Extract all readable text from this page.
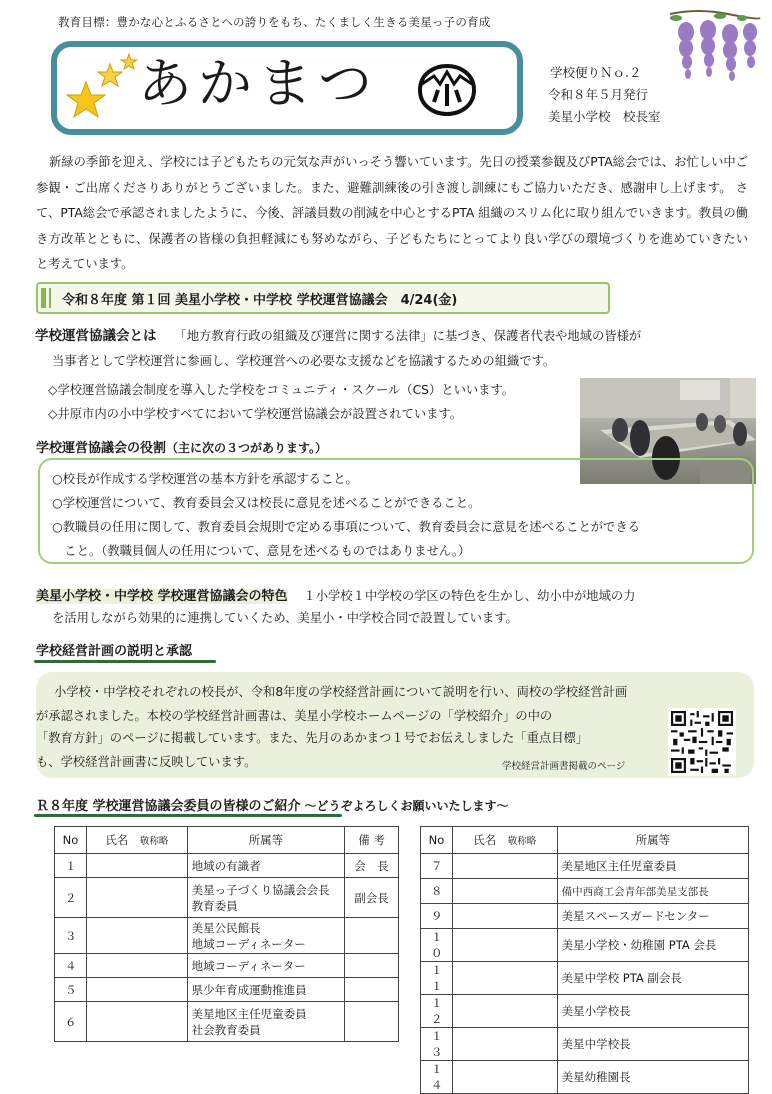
教育目標：豊かな心とふるさとへの誇りをもち、たくましく生きる美星っ子の育成
あかまつ	学校便りＮｏ.２
令和８年５月発行
美星小学校　校長室
新緑の季節を迎え、学校には子どもたちの元気な声がいっそう響いています。先日の授業参観及びPTA総会では、お忙しい中ご参観・ご出席くださりありがとうございました。また、避難訓練後の引き渡し訓練にもご協力いただき、感謝申し上げます。 さて、PTA総会で承認されましたように、今後、評議員数の削減を中心とするPTA 組織のスリム化に取り組んでいきます。教員の働き方改革とともに、保護者の皆様の負担軽減にも努めながら、子どもたちにとってより良い学びの環境づくりを進めていきたいと考えています。
令和８年度 第１回 美星小学校・中学校 学校運営協議会　4/24(金)
学校運営協議会とは 「地方教育行政の組織及び運営に関する法律」に基づき、保護者代表や地域の皆様が
当事者として学校運営に参画し、学校運営への必要な支援などを協議するための組織です。
◇学校運営協議会制度を導入した学校をコミュニティ・スクール（CS）といいます。
◇井原市内の小中学校すべてにおいて学校運営協議会が設置されています。
学校運営協議会の役割（主に次の３つがあります。）
○校長が作成する学校運営の基本方針を承認すること。
○学校運営について、教育委員会又は校長に意見を述べることができること。
○教職員の任用に関して、教育委員会規則で定める事項について、教育委員会に意見を述べることができる
　こと。（教職員個人の任用について、意見を述べるものではありません。）
美星小学校・中学校 学校運営協議会の特色 １小学校１中学校の学区の特色を生かし、幼小中が地域の力
を活用しながら効果的に連携していくため、美星小・中学校合同で設置しています。
学校経営計画の説明と承認
小学校・中学校それぞれの校長が、令和8年度の学校経営計画について説明を行い、両校の学校経営計画
が承認されました。本校の学校経営計画書は、美星小学校ホームページの「学校紹介」の中の
「教育方針」のページに掲載しています。また、先月のあかまつ１号でお伝えしました「重点目標」
も、学校経営計画書に反映しています。	学校経営計画書掲載のページ
Ｒ８年度 学校運営協議会委員の皆様のご紹介 ～どうぞよろしくお願いいたします～
No	氏名　 敬称略	所属等	備 考
１		地域の有識者	会　長
２		美星っ子づくり協議会会長
教育委員	副会長
３		美星公民館長
地域コーディネーター	
４		地域コーディネーター	
５		県少年育成運動推進員	
６		美星地区主任児童委員
社会教育委員	
No	氏名　 敬称略	所属等
７		美星地区主任児童委員
８		備中西商工会青年部美星支部長
９		美星スペースガードセンター
１０		美星小学校・幼稚園 PTA 会長
１１		美星中学校 PTA 副会長
１２		美星小学校長
１３		美星中学校長
１４		美星幼稚園長
